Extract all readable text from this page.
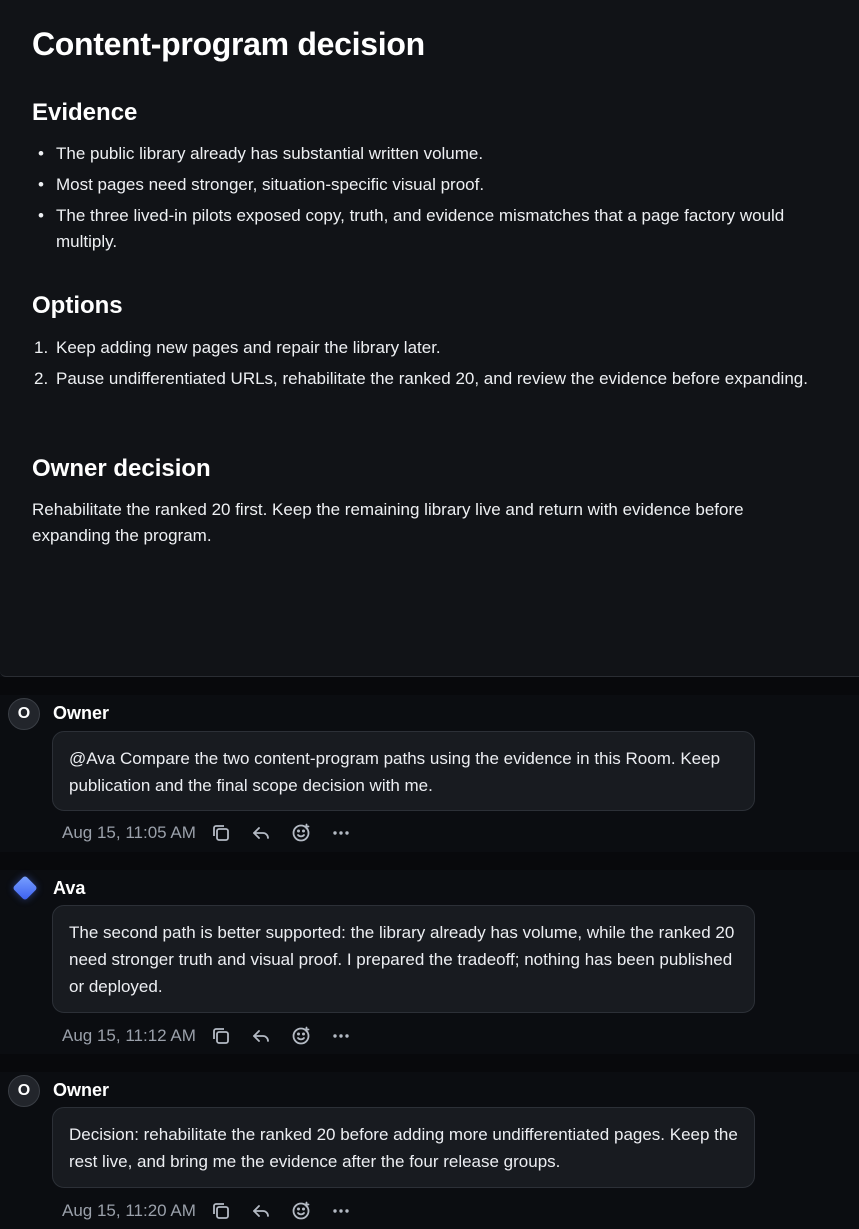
Content-program decision
Evidence
• The public library already has substantial written volume.
• Most pages need stronger, situation-specific visual proof.
• The three lived-in pilots exposed copy, truth, and evidence mismatches that a page factory would multiply.
Options
1. Keep adding new pages and repair the library later.
2. Pause undifferentiated URLs, rehabilitate the ranked 20, and review the evidence before expanding.
Owner decision

Rehabilitate the ranked 20 first. Keep the remaining library live and return with evidence before expanding the program.

O	Owner
@Ava Compare the two content-program paths using the evidence in this Room. Keep publication and the final scope decision with me.
Aug 15, 11:05 AM
Ava
The second path is better supported: the library already has volume, while the ranked 20 need stronger truth and visual proof. I prepared the tradeoff; nothing has been published or deployed.
Aug 15, 11:12 AM
O	Owner
Decision: rehabilitate the ranked 20 before adding more undifferentiated pages. Keep the rest live, and bring me the evidence after the four release groups.
Aug 15, 11:20 AM
